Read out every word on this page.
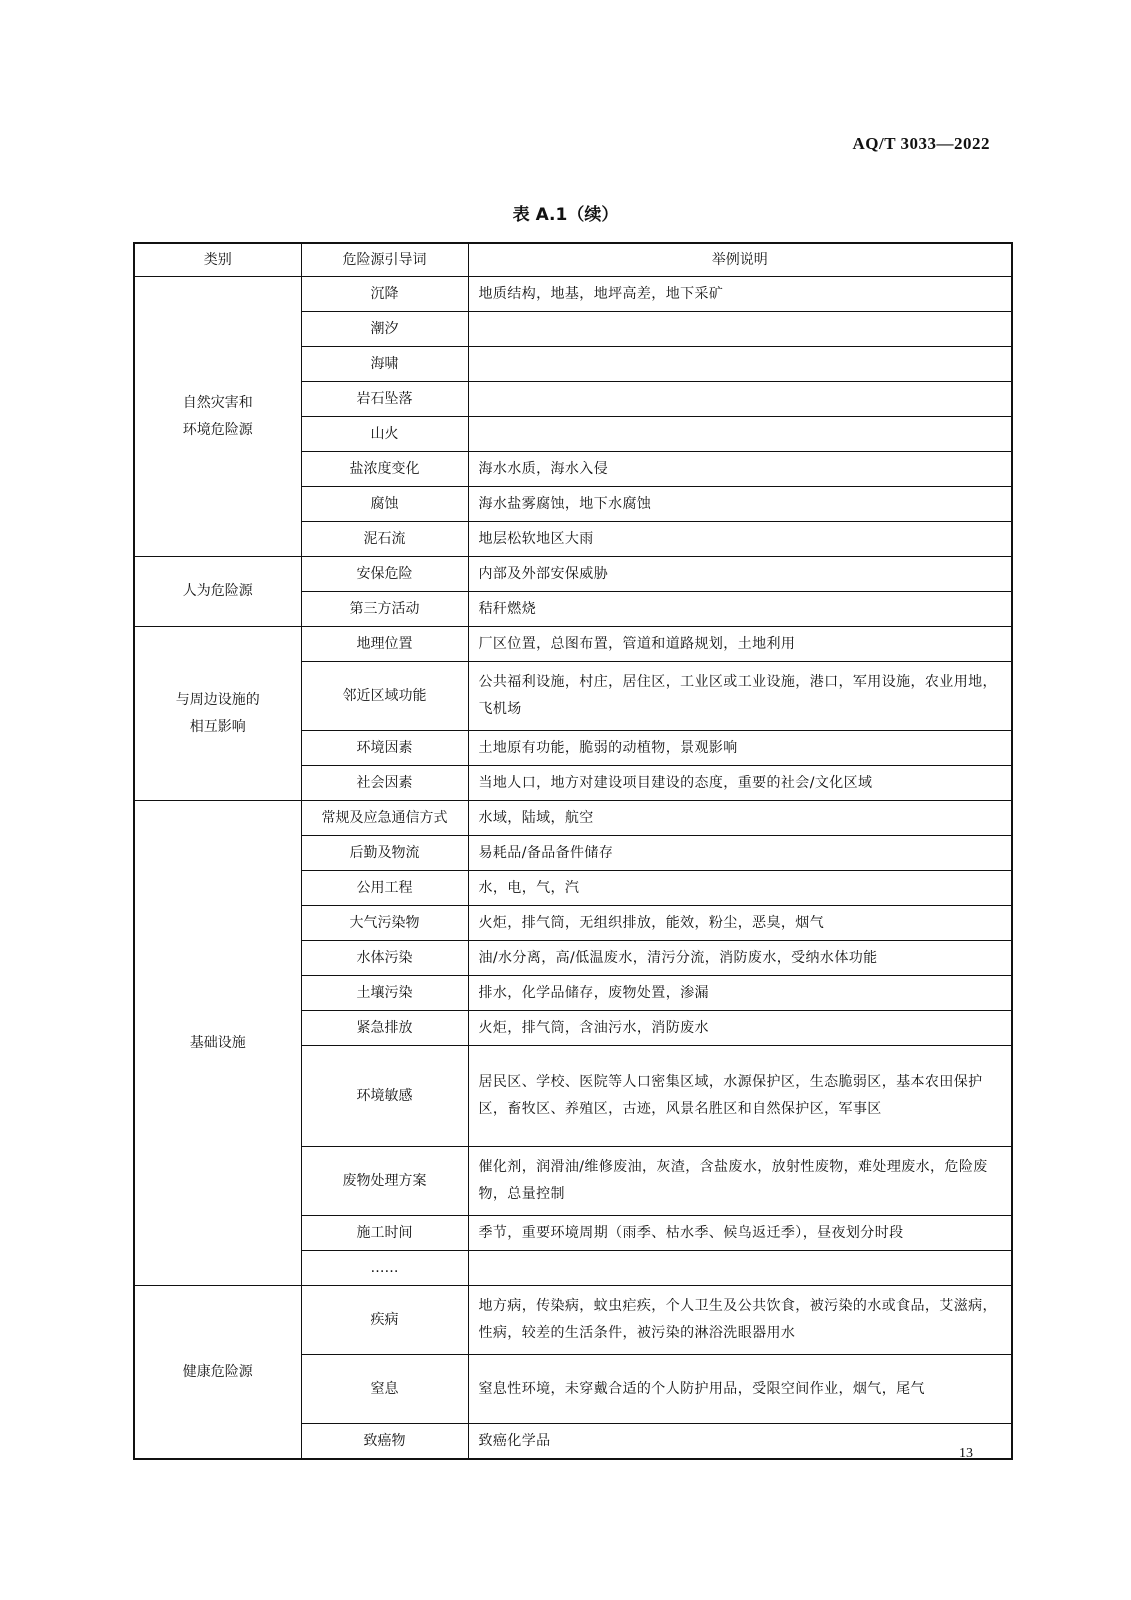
AQ/T 3033—2022
表 A.1（续）
类别	危险源引导词	举例说明
自然灾害和
环境危险源	沉降	地质结构，地基，地坪高差，地下采矿
	潮汐	
	海啸	
	岩石坠落	
	山火	
	盐浓度变化	海水水质，海水入侵
	腐蚀	海水盐雾腐蚀，地下水腐蚀
	泥石流	地层松软地区大雨
人为危险源	安保危险	内部及外部安保威胁
	第三方活动	秸秆燃烧
与周边设施的
相互影响	地理位置	厂区位置，总图布置，管道和道路规划，土地利用
	邻近区域功能	公共福利设施，村庄，居住区，工业区或工业设施，港口，军用设施，农业用地，飞机场
	环境因素	土地原有功能，脆弱的动植物，景观影响
	社会因素	当地人口，地方对建设项目建设的态度，重要的社会/文化区域
基础设施	常规及应急通信方式	水域，陆域，航空
	后勤及物流	易耗品/备品备件储存
	公用工程	水，电，气，汽
	大气污染物	火炬，排气筒，无组织排放，能效，粉尘，恶臭，烟气
	水体污染	油/水分离，高/低温废水，清污分流，消防废水，受纳水体功能
	土壤污染	排水，化学品储存，废物处置，渗漏
	紧急排放	火炬，排气筒，含油污水，消防废水
	环境敏感	居民区、学校、医院等人口密集区域，水源保护区，生态脆弱区，基本农田保护区，畜牧区、养殖区，古迹，风景名胜区和自然保护区，军事区
	废物处理方案	催化剂，润滑油/维修废油，灰渣，含盐废水，放射性废物，难处理废水，危险废物，总量控制
	施工时间	季节，重要环境周期（雨季、枯水季、候鸟返迁季），昼夜划分时段
	……	
健康危险源	疾病	地方病，传染病，蚊虫疟疾，个人卫生及公共饮食，被污染的水或食品，艾滋病，性病，较差的生活条件，被污染的淋浴洗眼器用水
	窒息	窒息性环境，未穿戴合适的个人防护用品，受限空间作业，烟气，尾气
	致癌物	致癌化学品
13
